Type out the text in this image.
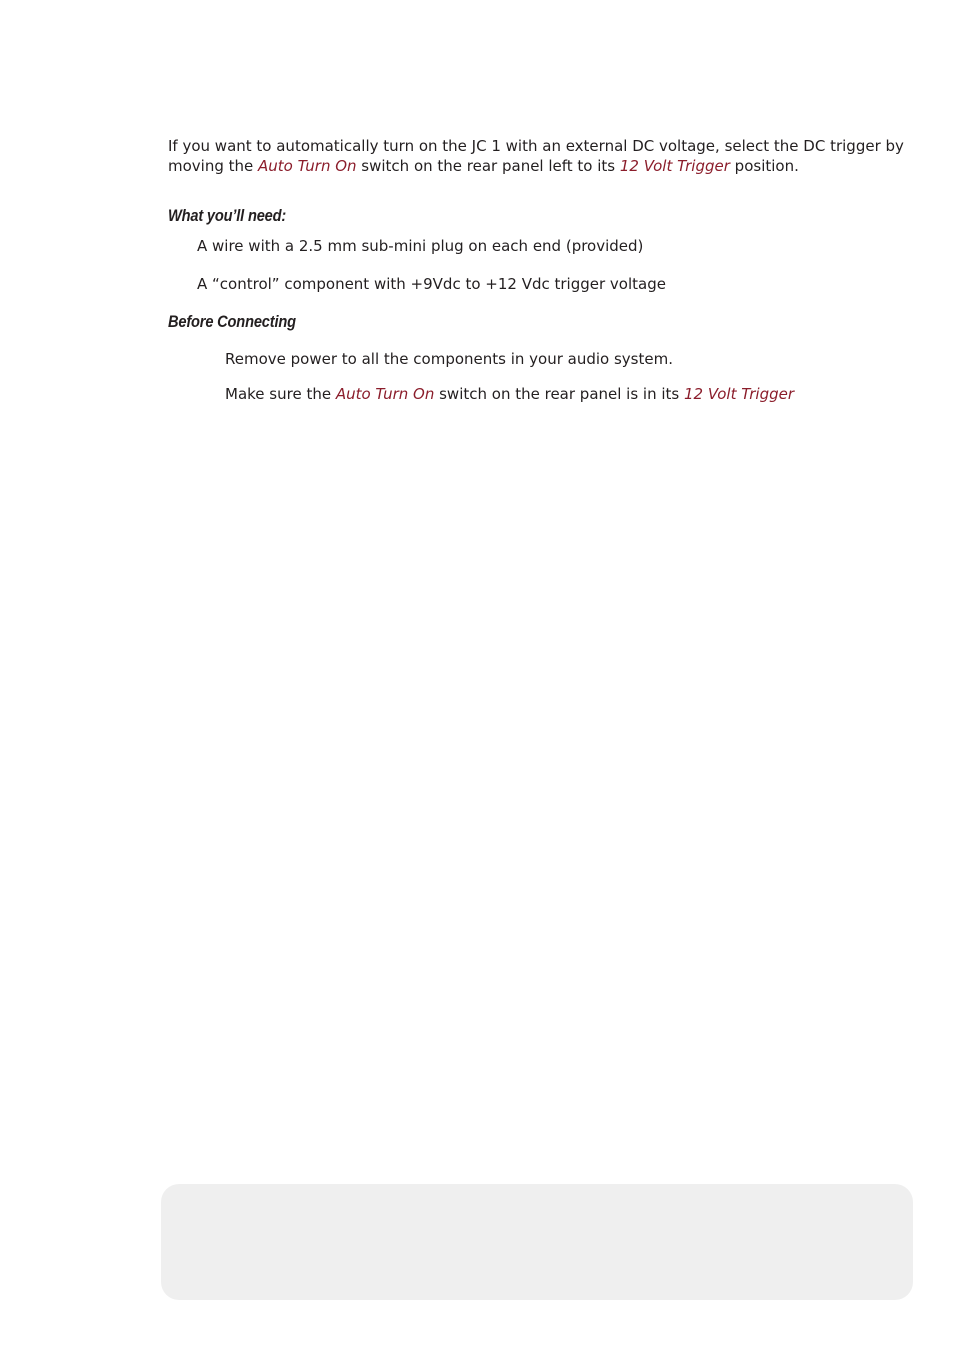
If you want to automatically turn on the JC 1 with an external DC voltage, select the DC trigger by moving the Auto Turn On switch on the rear panel left to its 12 Volt Trigger position.

What you’ll need:

A wire with a 2.5 mm sub-mini plug on each end (provided)

A “control” component with +9Vdc to +12 Vdc trigger voltage

Before Connecting

Remove power to all the components in your audio system.

Make sure the Auto Turn On switch on the rear panel is in its 12 Volt Trigger
